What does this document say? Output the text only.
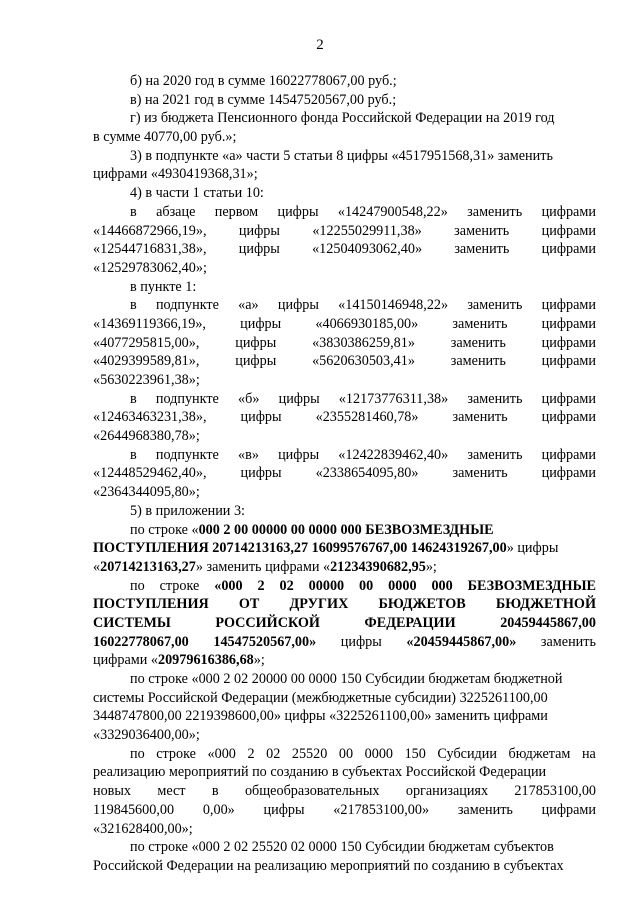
2
б) на 2020 год в сумме 16022778067,00 руб.;
в) на 2021 год в сумме 14547520567,00 руб.;
г) из бюджета Пенсионного фонда Российской Федерации на 2019 год
в сумме 40770,00 руб.»;
3) в подпункте «а» части 5 статьи 8 цифры «4517951568,31» заменить
цифрами «4930419368,31»;
4) в части 1 статьи 10:
в абзаце первом цифры «14247900548,22» заменить цифрами
«14466872966,19», цифры «12255029911,38» заменить цифрами
«12544716831,38», цифры «12504093062,40» заменить цифрами
«12529783062,40»;
в пункте 1:
в подпункте «а» цифры «14150146948,22» заменить цифрами
«14369119366,19», цифры «4066930185,00» заменить цифрами
«4077295815,00»,	цифры	«3830386259,81»	заменить	цифрами
«4029399589,81»,	цифры	«5620630503,41»	заменить	цифрами
«5630223961,38»;
в подпункте «б» цифры «12173776311,38» заменить цифрами
«12463463231,38», цифры «2355281460,78» заменить цифрами
«2644968380,78»;
в подпункте «в» цифры «12422839462,40» заменить цифрами
«12448529462,40», цифры «2338654095,80» заменить цифрами
«2364344095,80»;
5) в приложении 3:
по строке «000 2 00 00000 00 0000 000 БЕЗВОЗМЕЗДНЫЕ
ПОСТУПЛЕНИЯ 20714213163,27 16099576767,00 14624319267,00» цифры
«20714213163,27» заменить цифрами «21234390682,95»;
по строке «000 2 02 00000 00 0000 000 БЕЗВОЗМЕЗДНЫЕ
ПОСТУПЛЕНИЯ ОТ ДРУГИХ БЮДЖЕТОВ БЮДЖЕТНОЙ
СИСТЕМЫ	РОССИЙСКОЙ	ФЕДЕРАЦИИ	20459445867,00
16022778067,00 14547520567,00» цифры «20459445867,00» заменить
цифрами «20979616386,68»;
по строке «000 2 02 20000 00 0000 150 Субсидии бюджетам бюджетной
системы Российской Федерации (межбюджетные субсидии) 3225261100,00
3448747800,00 2219398600,00» цифры «3225261100,00» заменить цифрами
«3329036400,00»;
по строке «000 2 02 25520 00 0000 150 Субсидии бюджетам на
реализацию мероприятий по созданию в субъектах Российской Федерации
новых мест в общеобразовательных организациях 217853100,00
119845600,00 0,00» цифры «217853100,00» заменить цифрами
«321628400,00»;
по строке «000 2 02 25520 02 0000 150 Субсидии бюджетам субъектов
Российской Федерации на реализацию мероприятий по созданию в субъектах
